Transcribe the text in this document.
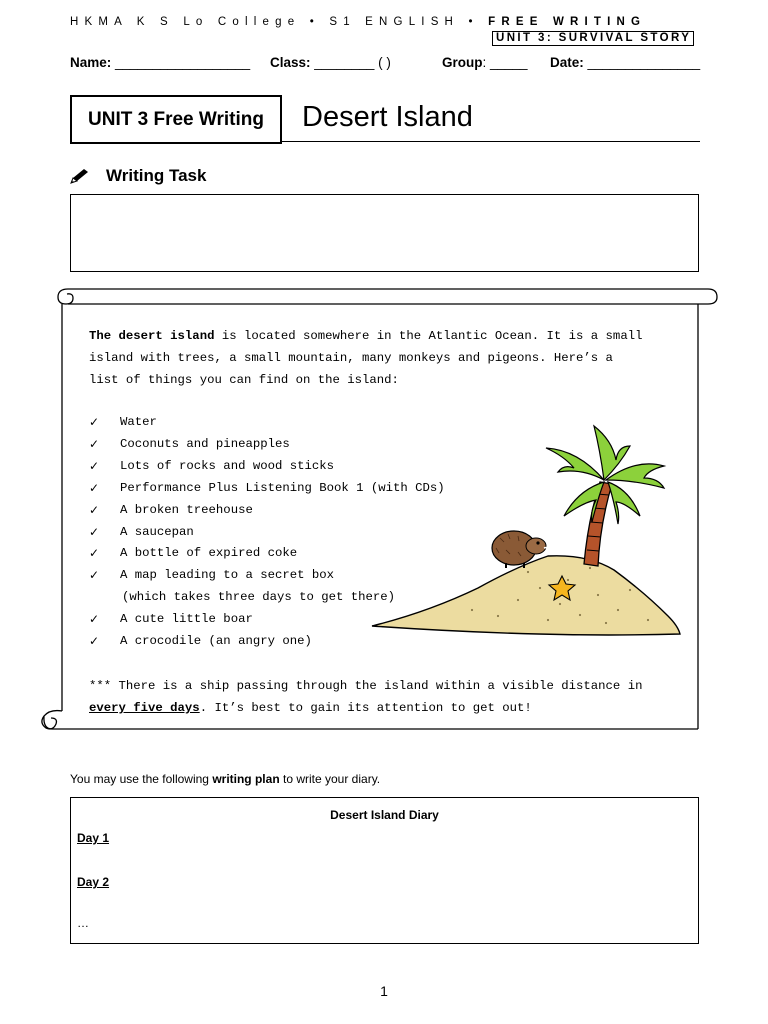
HKMA K S Lo College • S1 ENGLISH • FREE WRITING
UNIT 3: SURVIVAL STORY
Name: __________________ Class: ________ ( )	Group: _____ Date: _______________
UNIT 3 Free Writing	Desert Island
Writing Task
The desert island is located somewhere in the Atlantic Ocean. It is a small
island with trees, a small mountain, many monkeys and pigeons. Here’s a
list of things you can find on the island:
✓	Water
✓	Coconuts and pineapples
✓	Lots of rocks and wood sticks
✓	Performance Plus Listening Book 1 (with CDs)
✓	A broken treehouse
✓	A saucepan
✓	A bottle of expired coke
✓	A map leading to a secret box
(which takes three days to get there)
✓	A cute little boar
✓	A crocodile (an angry one)
*** There is a ship passing through the island within a visible distance in
every five days. It’s best to gain its attention to get out!
You may use the following writing plan to write your diary.
Desert Island Diary
Day 1
Day 2
…
1
